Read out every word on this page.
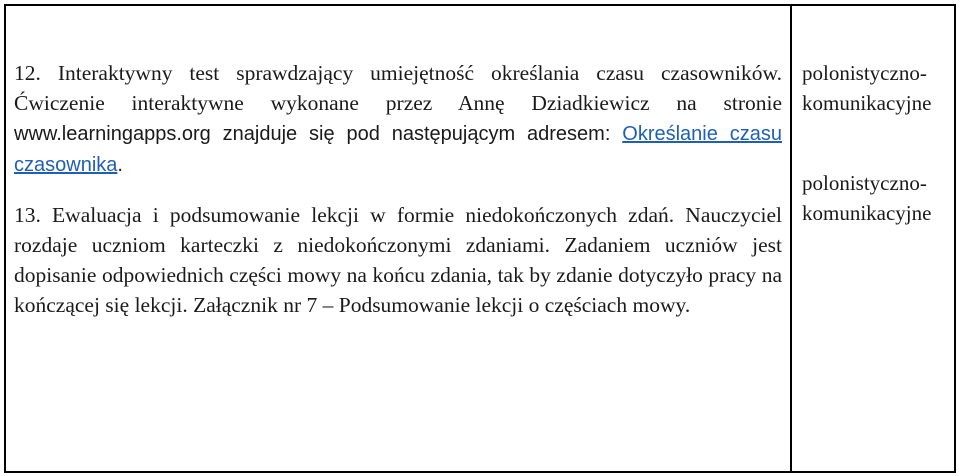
12. Interaktywny test sprawdzający umiejętność określania czasu czasowników. Ćwiczenie interaktywne wykonane przez Annę Dziadkiewicz na stronie www.learningapps.org znajduje się pod następującym adresem: Określanie czasu czasownika.

13. Ewaluacja i podsumowanie lekcji w formie niedokończonych zdań. Nauczyciel rozdaje uczniom karteczki z niedokończonymi zdaniami. Zadaniem uczniów jest dopisanie odpowiednich części mowy na końcu zdania, tak by zdanie dotyczyło pracy na kończącej się lekcji. Załącznik nr 7 – Podsumowanie lekcji o częściach mowy.

polonistyczno-
komunikacyjne
polonistyczno-
komunikacyjne
